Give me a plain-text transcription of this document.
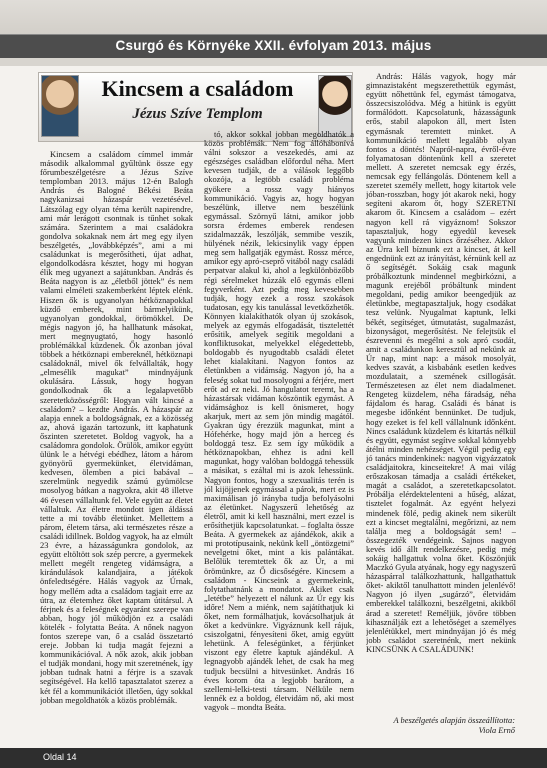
Csurgó és Környéke XXII. évfolyam 2013. május
Kincsem a családom
Jézus Szíve Templom

Kincsem a családom címmel immár második alkalommal gyűltünk össze egy főrumbeszélgetésre a Jézus Szíve templomban 2013. május 12-én Balogh András és Balogné Békési Beáta nagykanizsai házaspár vezetésével. Látszólag egy olyan téma került napirendre, ami már lerágott csontnak is tűnhet sokak számára. Szerintem a mai családokra gondolva sokaknak nem árt meg egy ilyen beszélgetés, „lovábbképzés”, ami a mi családunkat is megerősítheti, újat adhat, elgondolkodásra késztet, hogy mi hogyan élik meg ugyanezt a sajátunkban. András és Beáta nagyon is az „életből jöttek” és nem valami elméleti szakemberként léptek elénk. Hiszen ők is ugyanolyan hétköznapokkal küzdő emberek, mint bármelyikünk, ugyanolyan gondokkal, örömökkel. De mégis nagyon jó, ha hallhatunk másokat, mert megnyugtató, hogy hasonló problémákkal küzdenek. Ők azonban jóval többek a hétköznapi embereknél, hétköznapi családoknál, mivel ők felvállalták, hogy „elmesélik magukat” mindnyájunk okulására. Lássuk, hogy hogyan gondolkodnak ők a legalapvetőbb szeretetközösségről: Hogyan vált kincsé a családom? – kezdte András. A házaspár az alapja ennek a boldogságnak, ez a közösség az, ahová igazán tartozunk, itt kaphatunk őszinten szeretetet. Boldog vagyok, ha a családomra gondolok. Örülök, amikor együtt ülünk le a hétvégi ebédhez, látom a három gyönyörű gyermekünket, életvidáman, kedvesen, ölemben a pici babával – szerelmünk negyedik számú gyümölcse mosolyog bátkan a nagyokra, akit 48 illetve 46 évesen vállaltunk fel. Vele együtt az életet vállaltuk. Az életre mondott igen áldássá tette a mi tovább életünket. Mellettem a párom, életem társa, aki természetes része a családi idillnek. Boldog vagyok, ha az elmúlt 23 évre, a házasságunkra gondolok, az együtt eltöltött sok szép percre, a gyermekek mellett megélt rengeteg vidámságra, a kirándulások kalandjaira, a játékok önfeledtségére. Hálás vagyok az Úrnak, hogy mellém adta a családom tagjait erre az útra, az életemhez őket kaptam útitársul. A férjnek és a feleségnek egyaránt szerepe van abban, hogy jól működjön ez a családi kötelék - folytatta Beáta. A nőnek nagyon fontos szerepe van, ő a család összetartó ereje. Jobban ki tudja magát fejezni a kommunikációval. A nők azok, akik jobban el tudják mondani, hogy mit szeretnének, így jobban tudnak hatni a férjre is a szavak segítségével. Ha kellő tapasztalatot szerez a két fél a kommunikációt illetően, úgy sokkal jobban megoldhatók a közös problémák.

tó, akkor sokkal jobban megoldhatók a közös problémák. Nem fog állóhábonívá válni sokszor a veszekedés, ami az egészséges családban előfordul néha. Mert kevesen tudják, de a válások leggőbb okozója, a legtöbb családi probléma gyökere a rossz vagy hiányos kommunikáció. Vagyis az, hogy hogyan beszélünk, illetve nem beszélünk egymással. Szörnyű látni, amikor jobb sorsra érdemes emberek rendesen szidalmazzák, leszólják, semmibe veszik, hülyének nézik, lekicsinylik vagy éppen meg sem hallgatják egymást. Rossz mérce, amikor egy apró-cseprő vitából nagy családi perpatvar alakul ki, ahol a legkülönbözőbb régi sérelmeket húzzák elő egymás elleni fegyverként. Azt pedig meg kevesebben tudják, hogy ezek a rossz szokások tudatosan, egy kis tanulással levetkőzhetők. Könnyen kialakíthatók olyan új szokások, melyek az egymás elfogadását, tisztelettét erősítik, amelyek segítik megoldani a konfliktusokat, melyekkel elégedettebb, boldogabb és nyugodtabb családi életet lehet kialakítani. Nagyon fontos az életünkben a vidámság. Nagyon jó, ha a feleség sokat tud mosolyogni a férjére, mert erőt ad ez neki. Jó hangulatot teremt, ha a házastársak vidáman köszöntik egymást. A vidámsághoz is kell önismeret, hogy akarjuk, mert az sem jön mindig magától. Gyakran úgy érezzük magunkat, mint a Hófehérke, hogy majd jön a herceg és boldoggá tesz. Ez sem így működik a hétköznapokban, ehhez is adni kell magunkat, hogy valóban boldoggá tehessük a másikat, s ezáltal mi is azok lehessünk. Nagyon fontos, hogy a szexualitás terén is jól kijöjjenek egymással a párok, mert ez is maximálisan jó irányba tudja befolyásolni az életünket. Nagyszerű lehetőség az életről, amit ki kell használni, mert ezzel is erősíthetjük kapcsolatunkat. – foglalta össze Beáta. A gyermekek az ajándékok, akik a mi prototípusaink, nekünk kell „öntözgetni” nevelgetni őket, mint a kis palántákat. Belőlük teremtettek ők az Úr, a mi örömünkre, az Ő dicsőségére. Kincsem a családom - Kincseink a gyermekeink, folytathatnánk a mondatot. Akiket csak „letétbe” helyezett el nálunk az Úr egy kis időre! Nem a miénk, nem sajátíthatjuk ki őket, nem formálhatjuk, kovácsolhatjuk át őket a kedvünkre. Vigyáznunk kell rájuk, csiszolgatni, fényesíteni őket, amig együtt lehetünk. A feleségünket, a férjünket viszont egy életre kaptuk ajándékul. A legnagyobb ajándék lehet, de csak ha meg tudjuk becsülni a hitvesünket. András 16 éves korom óta a legjobb barátom, a szellemi-lelki-testi társam. Nélküle nem lennék ez a boldog, életvidám nő, aki most vagyok – mondta Beáta.

András: Hálás vagyok, hogy már gimnazistaként megszerethettük egymást, együtt nőhettünk fel, egymást támogatva, összecsiszolódva. Még a hitünk is együtt formálódott. Kapcsolatunk, házasságunk erős, stabil alapokon áll, mert Isten egymásnak teremtett minket. A kommunikáció mellett legalább olyan fontos a döntés! Napról-napra, évről-évre folyamatosan döntenünk kell a szeretet mellett. A szeretet nemcsak egy érzés, nemcsak egy fellángolás. Döntenem kell a szeretet személy mellett, hogy kitartok vele jóban-rosszban, hogy jót akarok neki, hogy segíteni akarom őt, hogy SZERETNI akarom őt. Kincsem a családom – ezért nagyon kell rá vigyáznom! Sokszor tapasztaljuk, hogy egyedül kevesek vagyunk mindezen kincs őrzéséhez. Akkor az Úrra kell bíznunk ezt a kincset, át kell engednünk ezt az irányítást, kérnünk kell az ő segítségét. Sokáig csak magunk próbálkoztunk mindennel megbirkózni, a magunk erejéből próbáltunk mindent megoldani, pedig amikor beengedjük az életünkbe, megtapasztaljuk, hogy csodákat tesz velünk. Nyugalmat kaptunk, lelki békét, segítséget, útmutatást, sugalmazást, bizonyságot, megerősítést. Ne felejtsük el észrevenni és megélni a sok apró csodát, amit a családunkon keresztül ad nekünk az Úr nap, mint nap: a mások mosolyát, kedves szavát, a kisbabánk esetlen kedves mozdulatait, a szemének csillogását. Természetesen az élet nem diadalmenet. Rengeteg küzdelem, néha fáradság, néha fájdalom és harag. Családi és bánat is megesbe időnként bennünket. De tudjuk, hogy ezeket is fel kell vállalnunk időnként. Nincs családunk küzdelem és kitartás nélkül és együtt, egymást segítve sokkal könnyebb átélni minden nehézséget. Végül pedig egy jó tanács mindenkinek: nagyon vigyázzatok családjaitokra, kincseitekre! A mai világ erőszakosan támadja a családi értékeket, magát a családot, a szeretetkapcsolatot. Próbálja elérdektelenteni a hűség, alázat, tisztelet fogalmát. Az egyént helyezi mindenek fölé, pedig akinek nem sikerült ezt a kincset megtalálni, megőrizni, az nem találja meg a boldogságát sem! – összegezték vendégeink. Sajnos nagyon kevés idő állt rendelkezésre, pedig még sokáig hallgattuk volna őket. Köszönjük Maczkó Gyula atyának, hogy egy nagyszerű házaspárral találkozhattunk, hallgathattuk őket- akiktől tanulhattott minden jelenlévő! Nagyon jó ilyen „sugárzó”, életvidám emberekkel találkozni, beszélgetni, akikből árad a szeretet! Reméljük, jövőre többen kihasználják ezt a lehetőséget a személyes jelenlétükkel, mert mindnyájan jó és még jobb családot szeretnénk, mert nekünk KINCSÜNK A CSALÁDUNK!

A beszélgetés alapján összeállította:
Viola Ernő
Oldal 14
